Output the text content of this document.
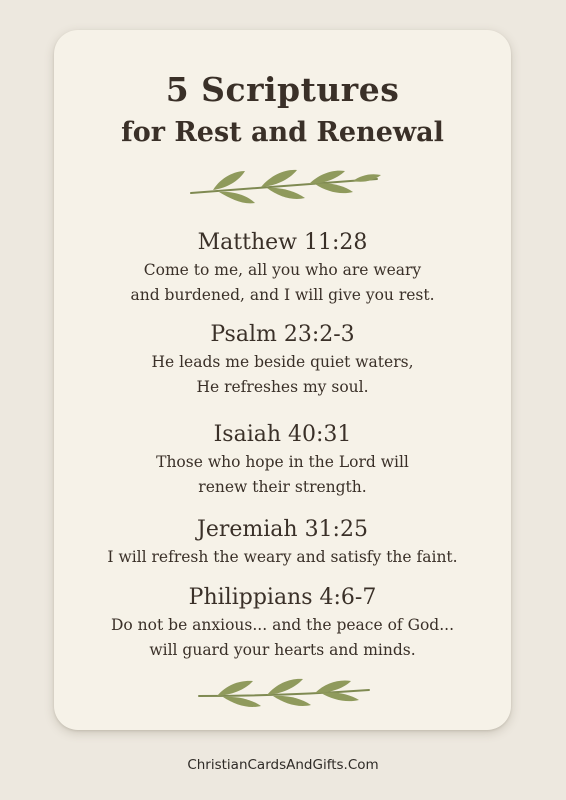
5 Scriptures
for Rest and Renewal
Matthew 11:28
Come to me, all you who are weary
and burdened, and I will give you rest.
Psalm 23:2-3
He leads me beside quiet waters,
He refreshes my soul.
Isaiah 40:31
Those who hope in the Lord will
renew their strength.
Jeremiah 31:25
I will refresh the weary and satisfy the faint.
Philippians 4:6-7
Do not be anxious... and the peace of God...
will guard your hearts and minds.
ChristianCardsAndGifts.Com
